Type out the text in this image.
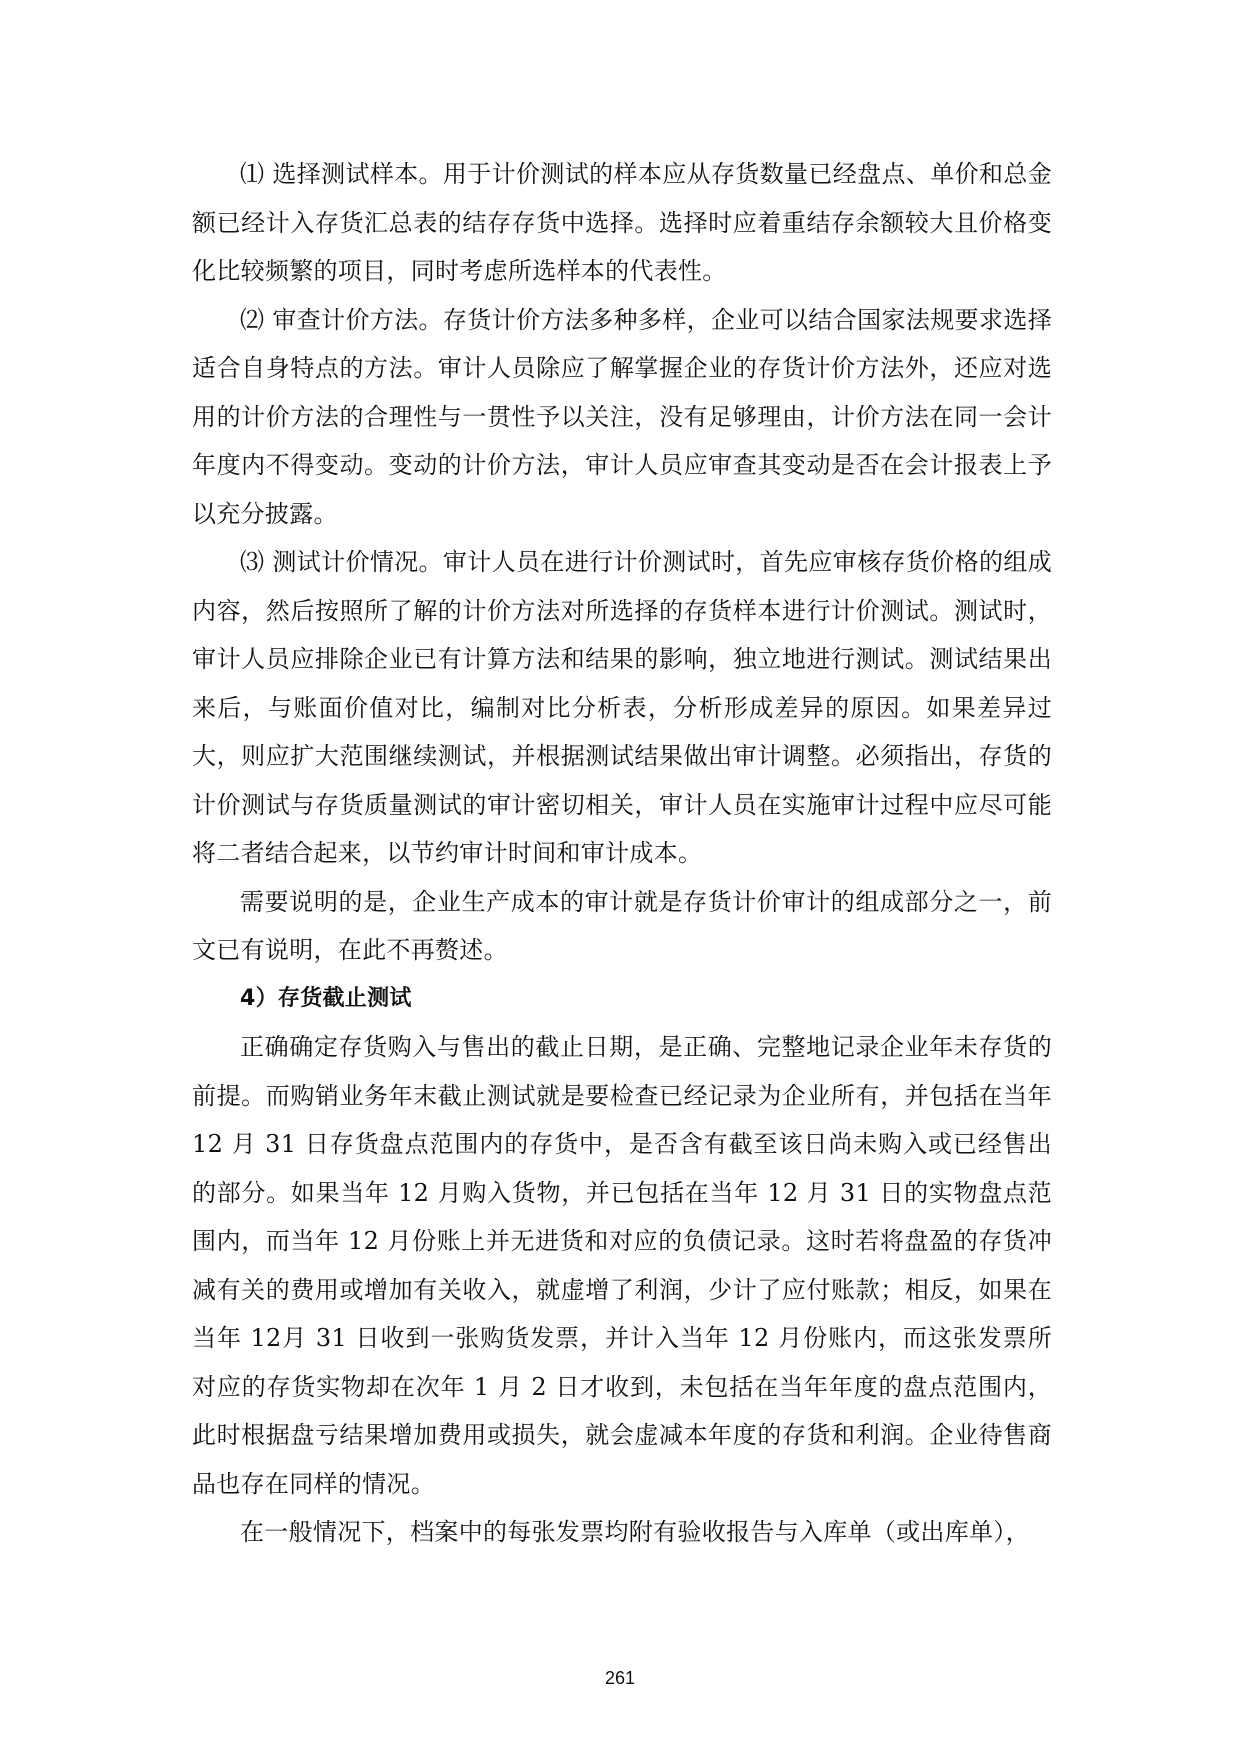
⑴ 选择测试样本。用于计价测试的样本应从存货数量已经盘点、单价和总金额已经计入存货汇总表的结存存货中选择。选择时应着重结存余额较大且价格变化比较频繁的项目，同时考虑所选样本的代表性。

⑵ 审查计价方法。存货计价方法多种多样，企业可以结合国家法规要求选择适合自身特点的方法。审计人员除应了解掌握企业的存货计价方法外，还应对选用的计价方法的合理性与一贯性予以关注，没有足够理由，计价方法在同一会计年度内不得变动。变动的计价方法，审计人员应审查其变动是否在会计报表上予以充分披露。

⑶ 测试计价情况。审计人员在进行计价测试时，首先应审核存货价格的组成内容，然后按照所了解的计价方法对所选择的存货样本进行计价测试。测试时，审计人员应排除企业已有计算方法和结果的影响，独立地进行测试。测试结果出来后，与账面价值对比，编制对比分析表，分析形成差异的原因。如果差异过大，则应扩大范围继续测试，并根据测试结果做出审计调整。必须指出，存货的计价测试与存货质量测试的审计密切相关，审计人员在实施审计过程中应尽可能将二者结合起来，以节约审计时间和审计成本。

需要说明的是，企业生产成本的审计就是存货计价审计的组成部分之一，前文已有说明，在此不再赘述。

4）存货截止测试

正确确定存货购入与售出的截止日期，是正确、完整地记录企业年未存货的前提。而购销业务年末截止测试就是要检查已经记录为企业所有，并包括在当年12 月 31 日存货盘点范围内的存货中，是否含有截至该日尚未购入或已经售出的部分。如果当年 12 月购入货物，并已包括在当年 12 月 31 日的实物盘点范围内，而当年 12 月份账上并无进货和对应的负债记录。这时若将盘盈的存货冲减有关的费用或增加有关收入，就虚增了利润，少计了应付账款；相反，如果在当年 12月 31 日收到一张购货发票，并计入当年 12 月份账内，而这张发票所对应的存货实物却在次年 1 月 2 日才收到，未包括在当年年度的盘点范围内，此时根据盘亏结果增加费用或损失，就会虚减本年度的存货和利润。企业待售商品也存在同样的情况。

在一般情况下，档案中的每张发票均附有验收报告与入库单（或出库单），

261
